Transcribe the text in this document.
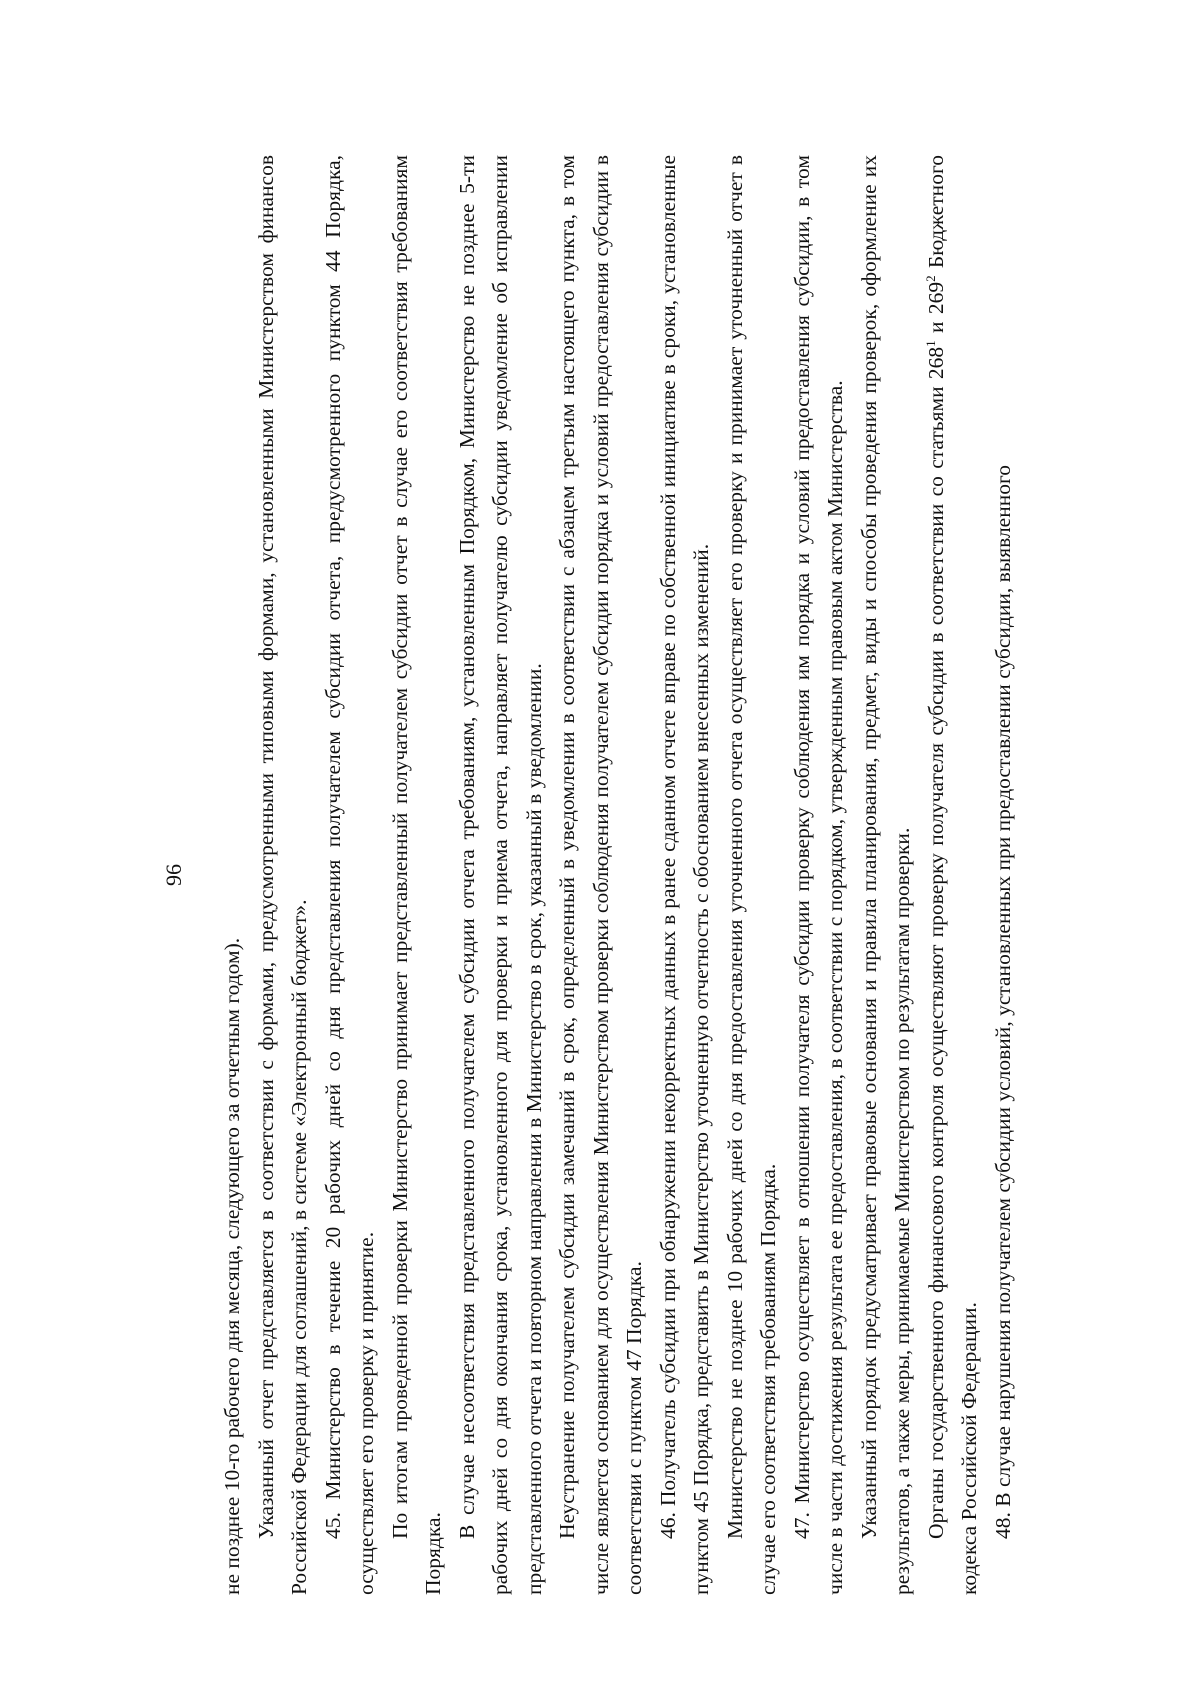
96

не позднее 10-го рабочего дня месяца, следующего за отчетным годом). Указанный отчет представляется в соответствии с формами, предусмотренными типовыми формами, установленными Министерством финансов Российской Федерации для соглашений, в системе «Электронный бюджет». 45. Министерство в течение 20 рабочих дней со дня представления получателем субсидии отчета, предусмотренного пунктом 44 Порядка, осуществляет его проверку и принятие. По итогам проведенной проверки Министерство принимает представленный получателем субсидии отчет в случае его соответствия требованиям Порядка.

В случае несоответствия представленного получателем субсидии отчета требованиям, установленным Порядком, Министерство не позднее 5-ти рабочих дней со дня окончания срока, установленного для проверки и приема отчета, направляет получателю субсидии уведомление об исправлении представленного отчета и повторном направлении в Министерство в срок, указанный в уведомлении. Неустранение получателем субсидии замечаний в срок, определенный в уведомлении в соответствии с абзацем третьим настоящего пункта, в том числе является основанием для осуществления Министерством проверки соблюдения получателем субсидии порядка и условий предоставления субсидии в соответствии с пунктом 47 Порядка. 46. Получатель субсидии при обнаружении некорректных данных в ранее сданном отчете вправе по собственной инициативе в сроки, установленные пунктом 45 Порядка, представить в Министерство уточненную отчетность с обоснованием внесенных изменений. Министерство не позднее 10 рабочих дней со дня предоставления уточненного отчета осуществляет его проверку и принимает уточненный отчет в случае его соответствия требованиям Порядка. 47. Министерство осуществляет в отношении получателя субсидии проверку соблюдения им порядка и условий предоставления субсидии, в том числе в части достижения результата ее предоставления, в соответствии с порядком, утвержденным правовым актом Министерства. Указанный порядок предусматривает правовые основания и правила планирования, предмет, виды и способы проведения проверок, оформление их результатов, а также меры, принимаемые Министерством по результатам проверки. Органы государственного финансового контроля осуществляют проверку получателя субсидии в соответствии со статьями $268^1$ и $269^2$ Бюджетного кодекса Российской Федерации. 48. В случае нарушения получателем субсидии условий, установленных при предоставлении субсидии, выявленного
